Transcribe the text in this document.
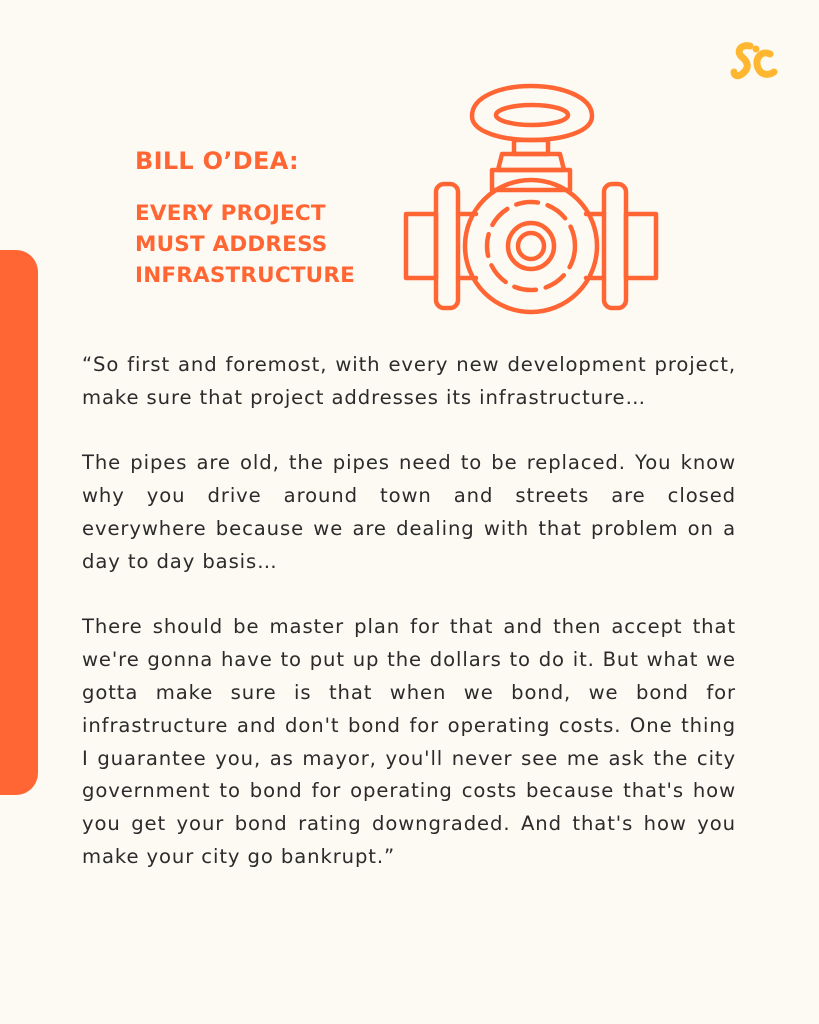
BILL O’DEA:

EVERY PROJECT

MUST ADDRESS

INFRASTRUCTURE

“So first and foremost, with every new development project, make sure that project addresses its infrastructure…

The pipes are old, the pipes need to be replaced. You know why you drive around town and streets are closed everywhere because we are dealing with that problem on a day to day basis…

There should be master plan for that and then accept that we're gonna have to put up the dollars to do it. But what we gotta make sure is that when we bond, we bond for infrastructure and don't bond for operating costs. One thing I guarantee you, as mayor, you'll never see me ask the city government to bond for operating costs because that's how you get your bond rating downgraded. And that's how you make your city go bankrupt.”
